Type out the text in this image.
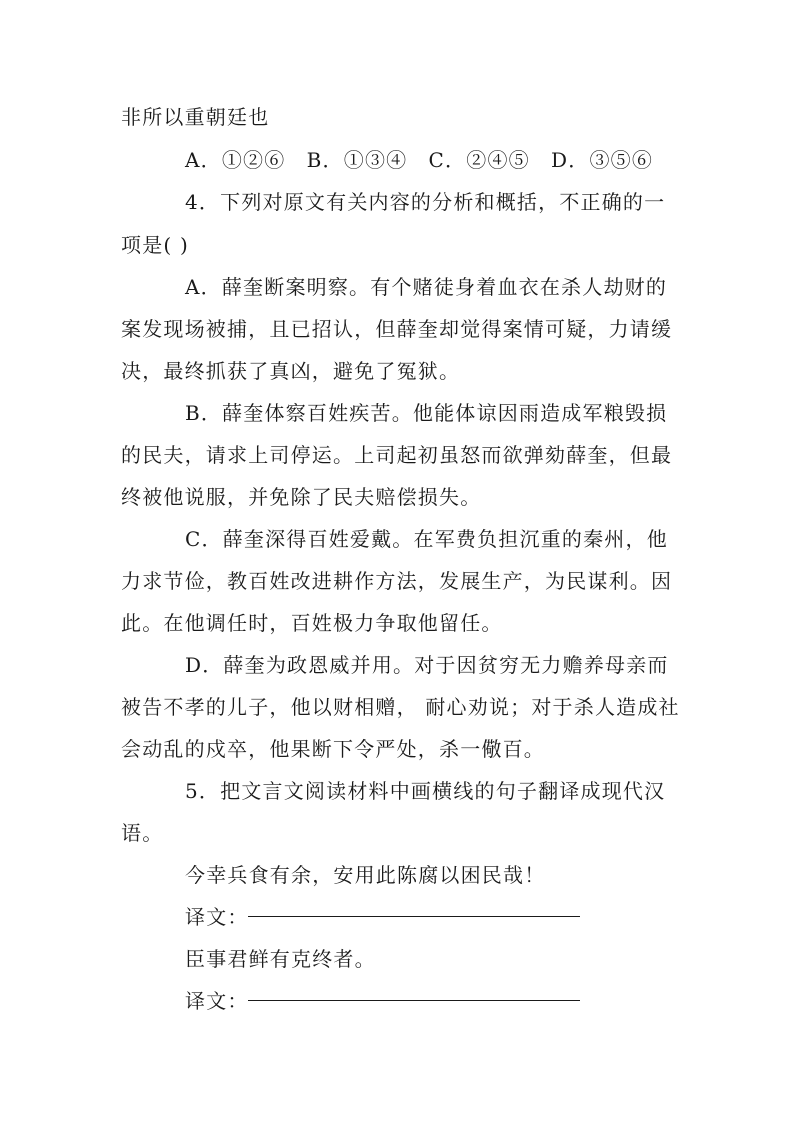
非所以重朝廷也
A．①②⑥　B．①③④　C．②④⑤　D．③⑤⑥
4．下列对原文有关内容的分析和概括，不正确的一
项是( )
A．薛奎断案明察。有个赌徒身着血衣在杀人劫财的
案发现场被捕，且已招认，但薛奎却觉得案情可疑，力请缓
决，最终抓获了真凶，避免了冤狱。
B．薛奎体察百姓疾苦。他能体谅因雨造成军粮毁损
的民夫，请求上司停运。上司起初虽怒而欲弹劾薛奎，但最
终被他说服，并免除了民夫赔偿损失。
C．薛奎深得百姓爱戴。在军费负担沉重的秦州，他
力求节俭，教百姓改进耕作方法，发展生产，为民谋利。因
此。在他调任时，百姓极力争取他留任。
D．薛奎为政恩威并用。对于因贫穷无力赡养母亲而
被告不孝的儿子，他以财相赠， 耐心劝说；对于杀人造成社
会动乱的戍卒，他果断下令严处，杀一儆百。
5．把文言文阅读材料中画横线的句子翻译成现代汉
语。
今幸兵食有余，安用此陈腐以困民哉！
译文：
臣事君鲜有克终者。
译文：
